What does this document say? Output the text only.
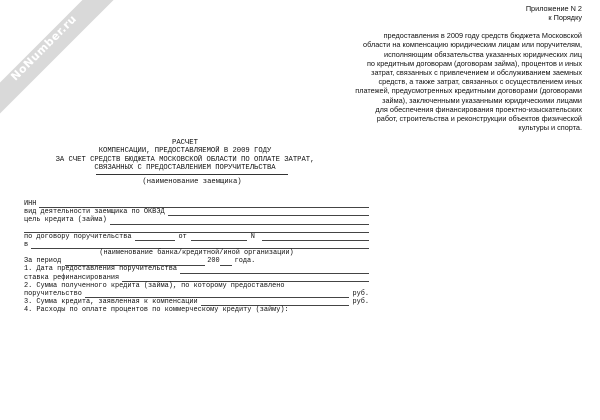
NoNumber.ru
Приложение N 2
к Порядку
предоставления в 2009 году средств бюджета Московской
области на компенсацию юридическим лицам или поручителям,
исполняющим обязательства указанных юридических лиц
по кредитным договорам (договорам займа), процентов и иных
затрат, связанных с привлечением и обслуживанием заемных
средств, а также затрат, связанных с осуществлением иных
платежей, предусмотренных кредитными договорами (договорами
займа), заключенными указанными юридическими лицами
для обеспечения финансирования проектно-изыскательских
работ, строительства и реконструкции объектов физической
культуры и спорта.
РАСЧЕТ
КОМПЕНСАЦИИ, ПРЕДОСТАВЛЯЕМОЙ В 2009 ГОДУ
ЗА СЧЕТ СРЕДСТВ БЮДЖЕТА МОСКОВСКОЙ ОБЛАСТИ ПО ОПЛАТЕ ЗАТРАТ,
СВЯЗАННЫХ С ПРЕДОСТАВЛЕНИЕМ ПОРУЧИТЕЛЬСТВА
(наименование заемщика)
ИНН
вид деятельности заемщика по ОКВЭД
цель кредита (займа)
по договору поручительства	от	N
в
(наименование банка/кредитной/иной организации)
За период	200 года.
1. Дата предоставления поручительства
ставка рефинансирования
2. Сумма полученного кредита (займа), по которому предоставлено
поручительство	руб.
3. Сумма кредита, заявленная к компенсации	руб.
4. Расходы по оплате процентов по коммерческому кредиту (займу):
